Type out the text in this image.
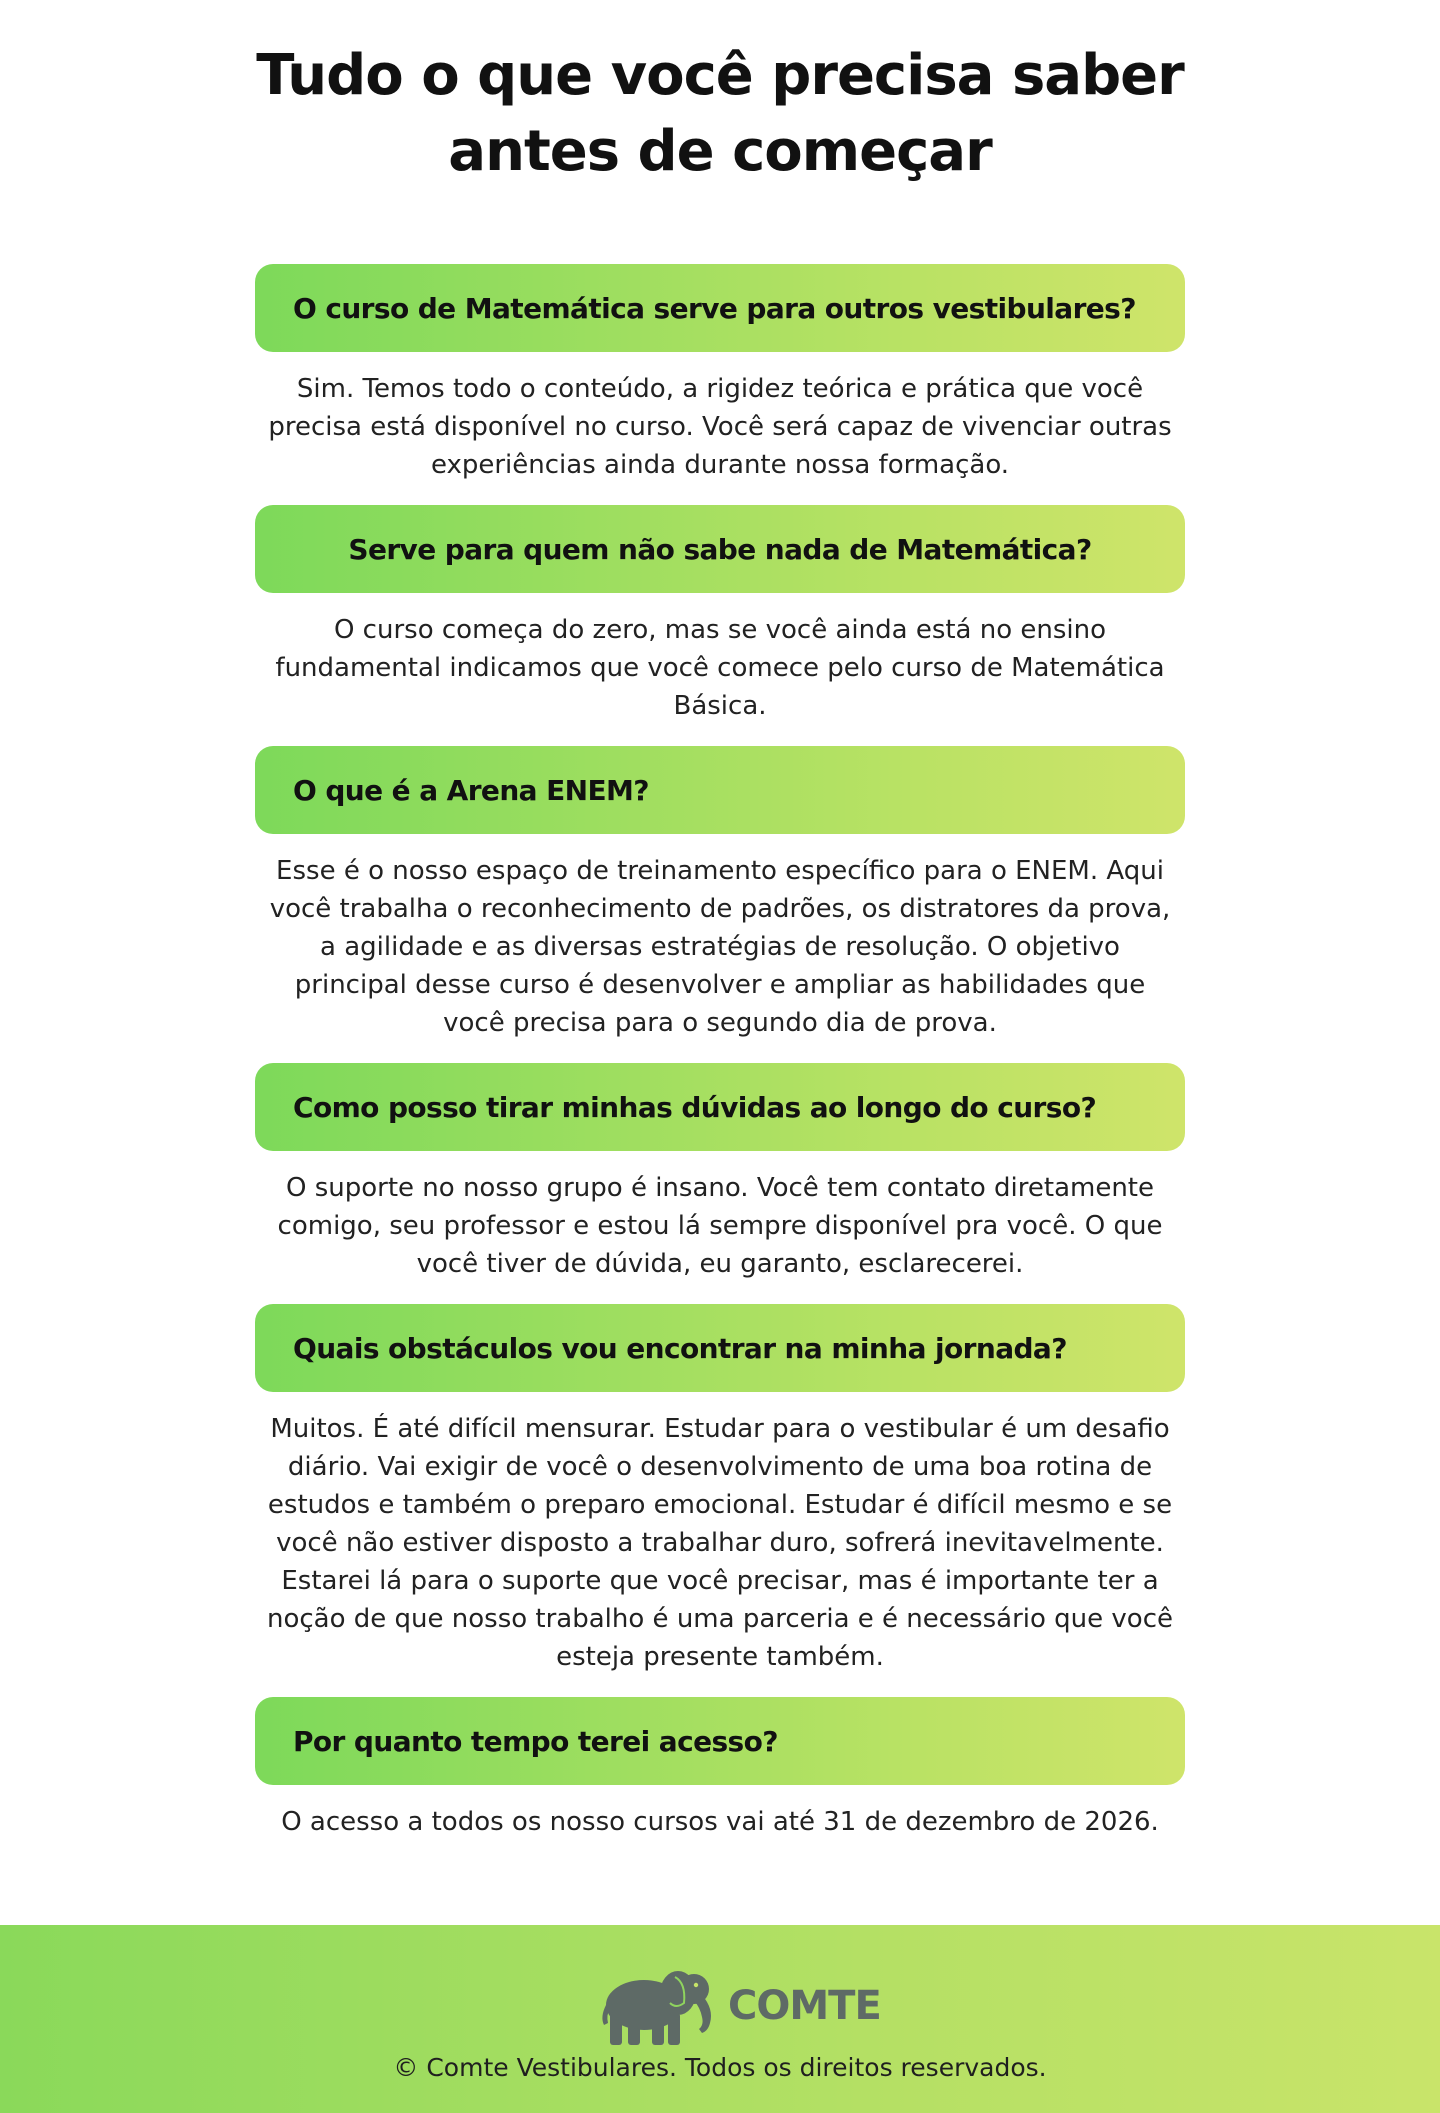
Tudo o que você precisa saber
antes de começar
O curso de Matemática serve para outros vestibulares?
Sim. Temos todo o conteúdo, a rigidez teórica e prática que você precisa está disponível no curso. Você será capaz de vivenciar outras experiências ainda durante nossa formação.
Serve para quem não sabe nada de Matemática?
O curso começa do zero, mas se você ainda está no ensino fundamental indicamos que você comece pelo curso de Matemática Básica.
O que é a Arena ENEM?
Esse é o nosso espaço de treinamento específico para o ENEM. Aqui você trabalha o reconhecimento de padrões, os distratores da prova, a agilidade e as diversas estratégias de resolução. O objetivo principal desse curso é desenvolver e ampliar as habilidades que você precisa para o segundo dia de prova.
Como posso tirar minhas dúvidas ao longo do curso?
O suporte no nosso grupo é insano. Você tem contato diretamente comigo, seu professor e estou lá sempre disponível pra você. O que você tiver de dúvida, eu garanto, esclarecerei.
Quais obstáculos vou encontrar na minha jornada?
Muitos. É até difícil mensurar. Estudar para o vestibular é um desafio diário. Vai exigir de você o desenvolvimento de uma boa rotina de estudos e também o preparo emocional. Estudar é difícil mesmo e se você não estiver disposto a trabalhar duro, sofrerá inevitavelmente. Estarei lá para o suporte que você precisar, mas é importante ter a noção de que nosso trabalho é uma parceria e é necessário que você esteja presente também.
Por quanto tempo terei acesso?
O acesso a todos os nosso cursos vai até 31 de dezembro de 2026.
COMTE
© Comte Vestibulares. Todos os direitos reservados.
